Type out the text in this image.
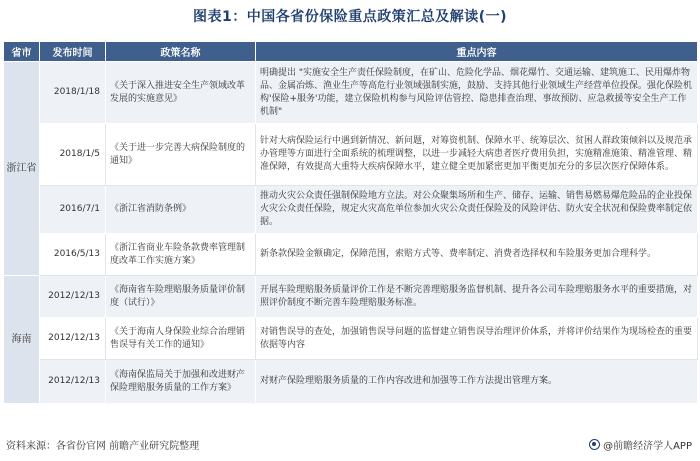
图表1：中国各省份保险重点政策汇总及解读(一)
省市	发布时间	政策名称	重点内容
浙江省	2018/1/18	《关于深入推进安全生产领域改革发展的实施意见》	明确提出 "实施安全生产责任保险制度，在矿山、危险化学品、烟花爆竹、交通运输、建筑施工、民用爆炸物品、金属冶炼、渔业生产等高危行业领域强制实施，鼓励、支持其他行业领域生产经营单位投保。强化保险机构'保险+服务'功能，建立保险机构参与风险评估管控、隐患排查治理、事故预防、应急救援等安全生产工作机制"
	2018/1/5	《关于进一步完善大病保险制度的通知》	针对大病保险运行中遇到新情况、新问题，对筹资机制、保障水平、统筹层次、贫困人群政策倾斜以及规范承办管理等方面进行全面系统的梳理调整，以进一步减轻大病患者医疗费用负担，实施精准施策、精准管理、精准保障，有效提高大重特大疾病保障水平，建立健全更加紧密更加平衡更加充分的多层次医疗保障体系。
	2016/7/1	《浙江省消防条例》	推动火灾公众责任强制保险地方立法。对公众聚集场所和生产、储存、运输、销售易燃易爆危险品的企业投保火灾公众责任保险，规定火灾高危单位参加火灾公众责任保险及的风险评估、防火安全状况和保险费率制定依据。
	2016/5/13	《浙江省商业车险条款费率管理制度改革工作实施方案》	新条款保险金额确定，保障范围，索赔方式等、费率制定、消费者选择权和车险服务更加合理科学。
海南	2012/12/13	《海南省车险理赔服务质量评价制度（试行）》	开展车险理赔服务质量评价工作是不断完善理赔服务监督机制、提升各公司车险理赔服务水平的重要措施，对照评价制度不断完善车险理赔服务标准。
	2012/12/13	《关于海南人身保险业综合治理销售误导有关工作的通知》	对销售误导的查处，加强销售误导问题的监督建立销售误导治理评价体系，并将评价结果作为现场检查的重要依据等内容
	2012/12/13	《海南保监局关于加强和改进财产保险理赔服务质量的工作方案》	对财产保险理赔服务质量的工作内容改进和加强等工作方法提出管理方案。
资料来源：各省份官网 前瞻产业研究院整理	@前瞻经济学人APP
